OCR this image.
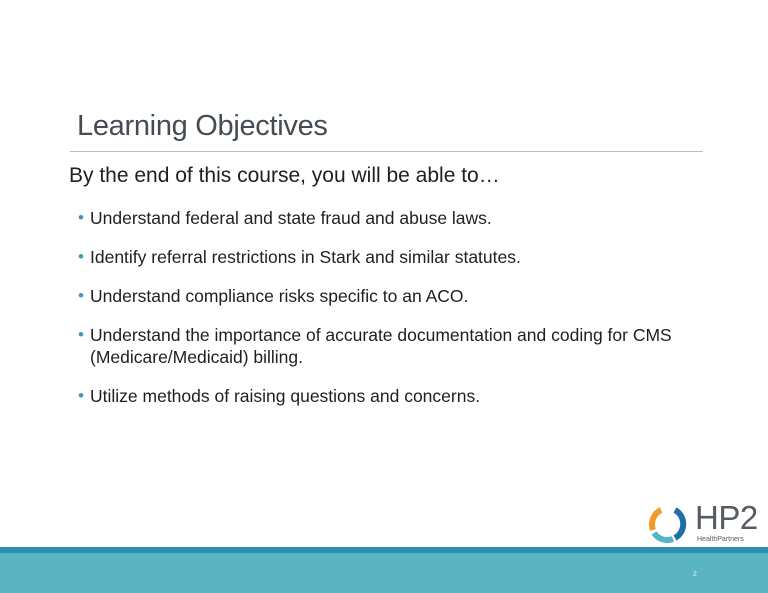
Learning Objectives
By the end of this course, you will be able to…
• Understand federal and state fraud and abuse laws.
• Identify referral restrictions in Stark and similar statutes.
• Understand compliance risks specific to an ACO.
• Understand the importance of accurate documentation and coding for CMS (Medicare/Medicaid) billing.
• Utilize methods of raising questions and concerns.
HP2
HealthPartners
2
